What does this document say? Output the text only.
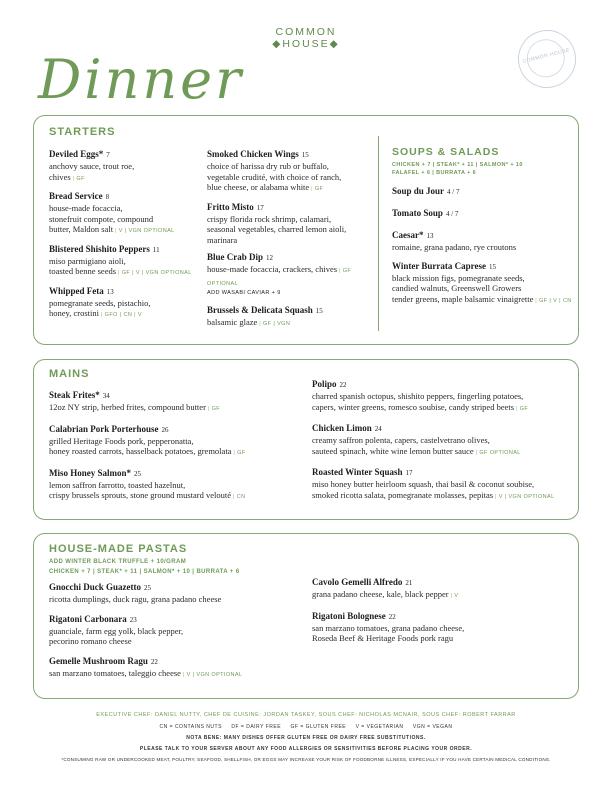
COMMON
◆HOUSE◆
COMMON HOUSE
Dinner
STARTERS
Deviled Eggs* 7
anchovy sauce, trout roe,
chives | GF
Bread Service 8
house-made focaccia,
stonefruit compote, compound
butter, Maldon salt | V | VGN OPTIONAL
Blistered Shishito Peppers 11
miso parmigiano aioli,
toasted benne seeds | GF | V | VGN OPTIONAL
Whipped Feta 13
pomegranate seeds, pistachio,
honey, crostini | GFO | CN | V
Smoked Chicken Wings 15
choice of harissa dry rub or buffalo,
vegetable crudité, with choice of ranch,
blue cheese, or alabama white | GF
Fritto Misto 17
crispy florida rock shrimp, calamari,
seasonal vegetables, charred lemon aioli,
marinara
Blue Crab Dip 12
house-made focaccia, crackers, chives | GF OPTIONAL
ADD WASABI CAVIAR + 9
Brussels & Delicata Squash 15
balsamic glaze | GF | VGN
SOUPS & SALADS
CHICKEN + 7 | STEAK* + 11 | SALMON* + 10
FALAFEL + 6 | BURRATA + 6
Soup du Jour 4 / 7
Tomato Soup 4 / 7
Caesar* 13
romaine, grana padano, rye croutons
Winter Burrata Caprese 15
black mission figs, pomegranate seeds,
candied walnuts, Greenswell Growers
tender greens, maple balsamic vinaigrette | GF | V | CN
MAINS
Steak Frites* 34
12oz NY strip, herbed frites, compound butter | GF
Calabrian Pork Porterhouse 26
grilled Heritage Foods pork, pepperonatta,
honey roasted carrots, hasselback potatoes, gremolata | GF
Miso Honey Salmon* 25
lemon saffron farrotto, toasted hazelnut,
crispy brussels sprouts, stone ground mustard velouté | CN
Polipo 22
charred spanish octopus, shishito peppers, fingerling potatoes,
capers, winter greens, romesco soubise, candy striped beets | GF
Chicken Limon 24
creamy saffron polenta, capers, castelvetrano olives,
sauteed spinach, white wine lemon butter sauce | GF OPTIONAL
Roasted Winter Squash 17
miso honey butter heirloom squash, thai basil & coconut soubise,
smoked ricotta salata, pomegranate molasses, pepitas | V | VGN OPTIONAL
HOUSE-MADE PASTAS
ADD WINTER BLACK TRUFFLE + 10/GRAM
CHICKEN + 7 | STEAK* + 11 | SALMON* + 10 | BURRATA + 6
Gnocchi Duck Guazetto 25
ricotta dumplings, duck ragu, grana padano cheese
Rigatoni Carbonara 23
guanciale, farm egg yolk, black pepper,
pecorino romano cheese
Gemelle Mushroom Ragu 22
san marzano tomatoes, taleggio cheese | V | VGN OPTIONAL
Cavolo Gemelli Alfredo 21
grana padano cheese, kale, black pepper | V
Rigatoni Bolognese 22
san marzano tomatoes, grana padano cheese,
Roseda Beef & Heritage Foods pork ragu
EXECUTIVE CHEF: DANIEL NUTTY, CHEF DE CUISINE: JORDAN TASKEY, SOUS CHEF: NICHOLAS MCNAIR, SOUS CHEF: ROBERT FARRAR
CN = CONTAINS NUTS     DF = DAIRY FREE     GF = GLUTEN FREE     V = VEGETARIAN     VGN = VEGAN
NOTA BENE: MANY DISHES OFFER GLUTEN FREE OR DAIRY FREE SUBSTITUTIONS.
PLEASE TALK TO YOUR SERVER ABOUT ANY FOOD ALLERGIES OR SENSITIVITIES BEFORE PLACING YOUR ORDER.
*CONSUMING RAW OR UNDERCOOKED MEAT, POULTRY, SEAFOOD, SHELLFISH, OR EGGS MAY INCREASE YOUR RISK OF FOODBORNE ILLNESS, ESPECIALLY IF YOU HAVE CERTAIN MEDICAL CONDITIONS.
